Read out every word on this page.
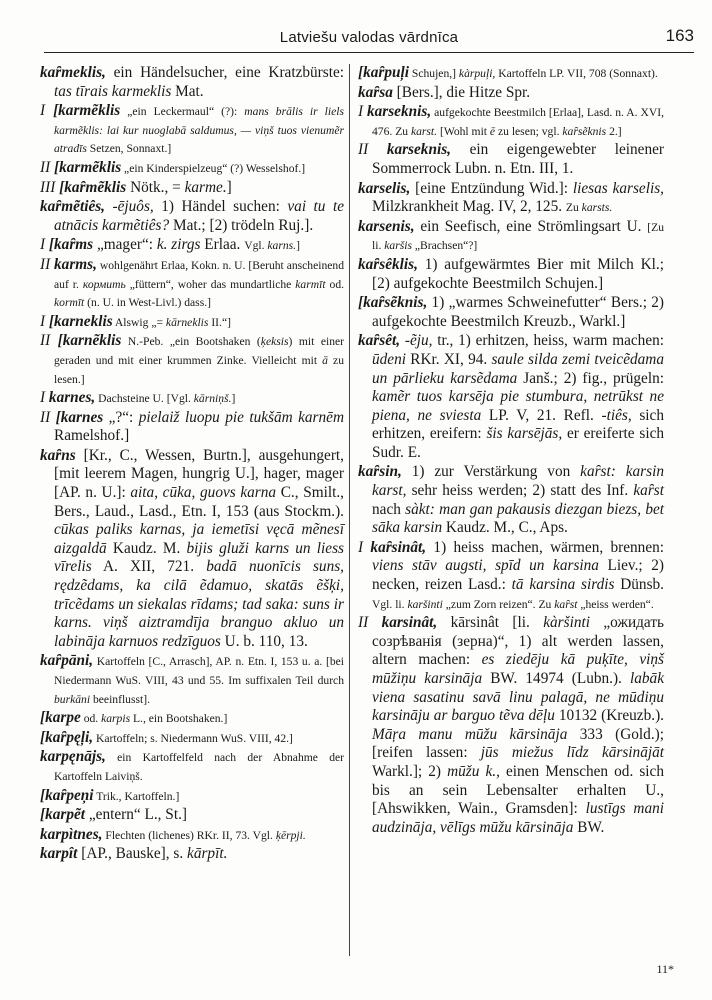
Latviešu valodas vārdnīca	163

kaȓmeklis, ein Händelsucher, eine Kratzbürste: tas tīrais karmeklis Mat.

I [karmẽklis „ein Leckermaul“ (?): mans brālis ir liels karmẽklis: lai kur nuoglabā saldumus, — viņš tuos vienumẽr atradīs Setzen, Sonnaxt.]

II [karmẽklis „ein Kinderspielzeug“ (?) Wesselshof.]

III [kaȓmẽklis Nötk., = karme.]

kaȓmẽtiês, -ējuôs, 1) Händel suchen: vai tu te atnācis karmẽtiês? Mat.; [2) trödeln Ruj.].

I [kaȓms „mager“: k. zirgs Erlaa. Vgl. karns.]

II karms, wohlgenährt Erlaa, Kokn. n. U. [Beruht anscheinend auf r. кормить „füttern“, woher das mundartliche karmīt od. kormīt (n. U. in West-Livl.) dass.]

I [karneklis Alswig „= kārneklis II.“]

II [karnẽklis N.-Peb. „ein Bootshaken (ķeksis) mit einer geraden und mit einer krummen Zinke. Vielleicht mit ā zu lesen.]

I karnes, Dachsteine U. [Vgl. kārniņš.]

II [karnes „?“: pielaiž luopu pie tukšām karnēm Ramelshof.]

kaȓns [Kr., C., Wessen, Burtn.], ausgehungert, [mit leerem Magen, hungrig U.], hager, mager [AP. n. U.]: aita, cūka, guovs karna C., Smilt., Bers., Laud., Lasd., Etn. I, 153 (aus Stockm.). cūkas paliks karnas, ja iemetīsi vęcā mẽnesī aizgaldā Kaudz. M. bijis gluži karns un liess vīrelis A. XII, 721. badā nuonīcis suns, rędzẽdams, ka cilā ẽdamuo, skatās ẽšķi, trīcẽdams un siekalas rīdams; tad saka: suns ir karns. viņš aiztramdīja branguo akluo un labināja karnuos redzīguos U. b. 110, 13.

kaȓpāni, Kartoffeln [C., Arrasch], AP. n. Etn. I, 153 u. a. [bei Niedermann WuS. VIII, 43 und 55. Im suffixalen Teil durch burkāni beeinflusst].

[karpe od. karpis L., ein Bootshaken.]

[kaȓpęļi, Kartoffeln; s. Niedermann WuS. VIII, 42.]

karpęnājs, ein Kartoffelfeld nach der Abnahme der Kartoffeln Laiviņš.

[kaȓpeņi Trik., Kartoffeln.]

[karpẽt „entern“ L., St.]

karpìtnes, Flechten (lichenes) RKr. II, 73. Vgl. ķērpji.

karpît [AP., Bauske], s. kārpīt.

[kaȓpuļi Schujen,] kàrpuļi, Kartoffeln LP. VII, 708 (Sonnaxt).

kaȓsa [Bers.], die Hitze Spr.

I karseknis, aufgekochte Beestmilch [Erlaa], Lasd. n. A. XVI, 476. Zu karst. [Wohl mit ē zu lesen; vgl. kaȓsẽknis 2.]

II karseknis, ein eigengewebter leinener Sommerrock Lubn. n. Etn. III, 1.

karselis, [eine Entzündung Wid.]: liesas karselis, Milzkrankheit Mag. IV, 2, 125. Zu karsts.

karsenis, ein Seefisch, eine Strömlingsart U. [Zu li. karšis „Brachsen“?]

kaȓsêklis, 1) aufgewärmtes Bier mit Milch Kl.; [2) aufgekochte Beestmilch Schujen.]

[kaȓsẽknis, 1) „warmes Schweinefutter“ Bers.; 2) aufgekochte Beestmilch Kreuzb., Warkl.]

kaȓsêt, -ẽju, tr., 1) erhitzen, heiss, warm machen: ūdeni RKr. XI, 94. saule silda zemi tveicẽdama un pārlieku karsẽdama Janš.; 2) fig., prügeln: kamẽr tuos karsēja pie stumbura, netrūkst ne piena, ne sviesta LP. V, 21. Refl. -tiês, sich erhitzen, ereifern: šis karsējās, er ereiferte sich Sudr. E.

kaȓsin, 1) zur Verstärkung von kaȓst: karsin karst, sehr heiss werden; 2) statt des Inf. kaȓst nach sàkt: man gan pakausis diezgan biezs, bet sāka karsin Kaudz. M., C., Aps.

I kaȓsinât, 1) heiss machen, wärmen, brennen: viens stāv augsti, spīd un karsina Liev.; 2) necken, reizen Lasd.: tā karsina sirdis Dünsb. Vgl. li. karšinti „zum Zorn reizen“. Zu kaȓst „heiss werden“.

II karsinât, kārsinât [li. kàršinti „ожидать созрѣванія (зерна)“, 1) alt werden lassen, altern machen: es ziedēju kā puķīte, viņš mūžiņu karsināja BW. 14974 (Lubn.). labāk viena sasatinu savā linu palagā, ne mūdiņu karsināju ar barguo tẽva dēļu 10132 (Kreuzb.). Māŗa manu mūžu kārsināja 333 (Gold.); [reifen lassen: jūs miežus līdz kārsinājāt Warkl.]; 2) mūžu k., einen Menschen od. sich bis an sein Lebensalter erhalten U., [Ahswikken, Wain., Gramsden]: lustīgs mani audzināja, vēlīgs mūžu kārsināja BW.

11*
